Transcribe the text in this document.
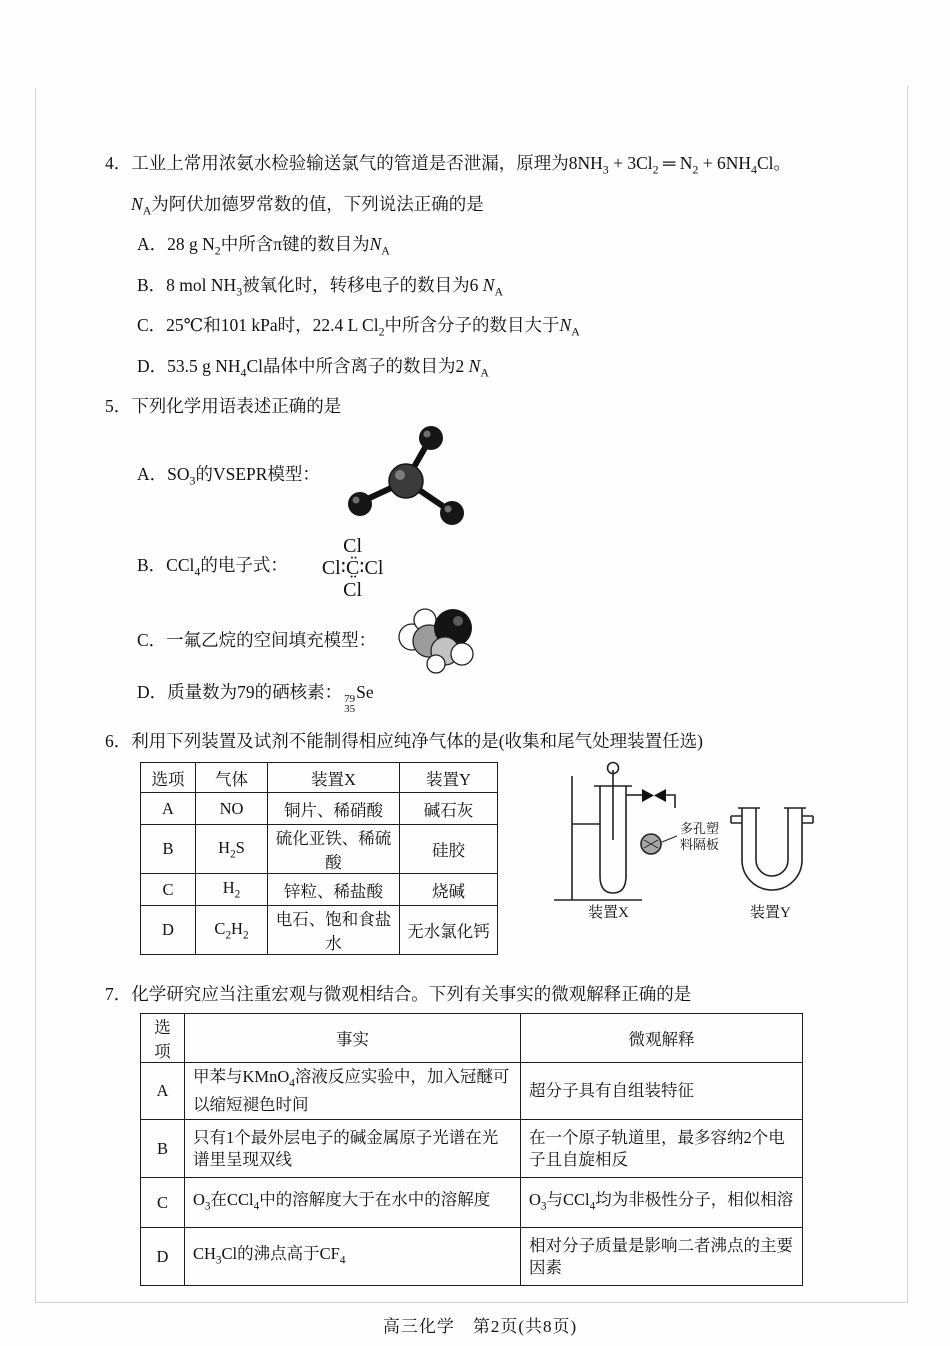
4．工业上常用浓氨水检验输送氯气的管道是否泄漏，原理为$8NH_3 + 3Cl_2$ ═ $N_2 + 6NH_4Cl$。
$N_A$为阿伏加德罗常数的值，下列说法正确的是
A．28 g $N_2$中所含π键的数目为$N_A$
B．8 mol $NH_3$被氧化时，转移电子的数目为6 $N_A$
C．25℃和101 kPa时，22.4 L $Cl_2$中所含分子的数目大于$N_A$
D．53.5 g $NH_4Cl$晶体中所含离子的数目为2 $N_A$
5．下列化学用语表述正确的是
A．$SO_3$的VSEPR模型：
B．CCl$_4$的电子式：
Cl
Cl∶C̤̈∶Cl
Cl
C．一氟乙烷的空间填充模型：
D．质量数为79的硒核素： 79
35
Se
6．利用下列装置及试剂不能制得相应纯净气体的是(收集和尾气处理装置任选)
选项	气体	装置X	装置Y
A	NO	铜片、稀硝酸	碱石灰
B	$H_2S$	硫化亚铁、稀硫酸	硅胶
C	$H_2$	锌粒、稀盐酸	烧碱
D	$C_2H_2$	电石、饱和食盐水	无水氯化钙
多孔塑
料隔板
装置X	装置Y
7．化学研究应当注重宏观与微观相结合。下列有关事实的微观解释正确的是
选项	事实	微观解释
A	甲苯与KMnO$_4$溶液反应实验中，加入冠醚可以缩短褪色时间	超分子具有自组装特征
B	只有1个最外层电子的碱金属原子光谱在光谱里呈现双线	在一个原子轨道里，最多容纳2个电子且自旋相反
C	$O_3$在CCl$_4$中的溶解度大于在水中的溶解度	$O_3$与CCl$_4$均为非极性分子，相似相溶
D	$CH_3Cl$的沸点高于$CF_4$	相对分子质量是影响二者沸点的主要因素
高三化学　第2页(共8页)
